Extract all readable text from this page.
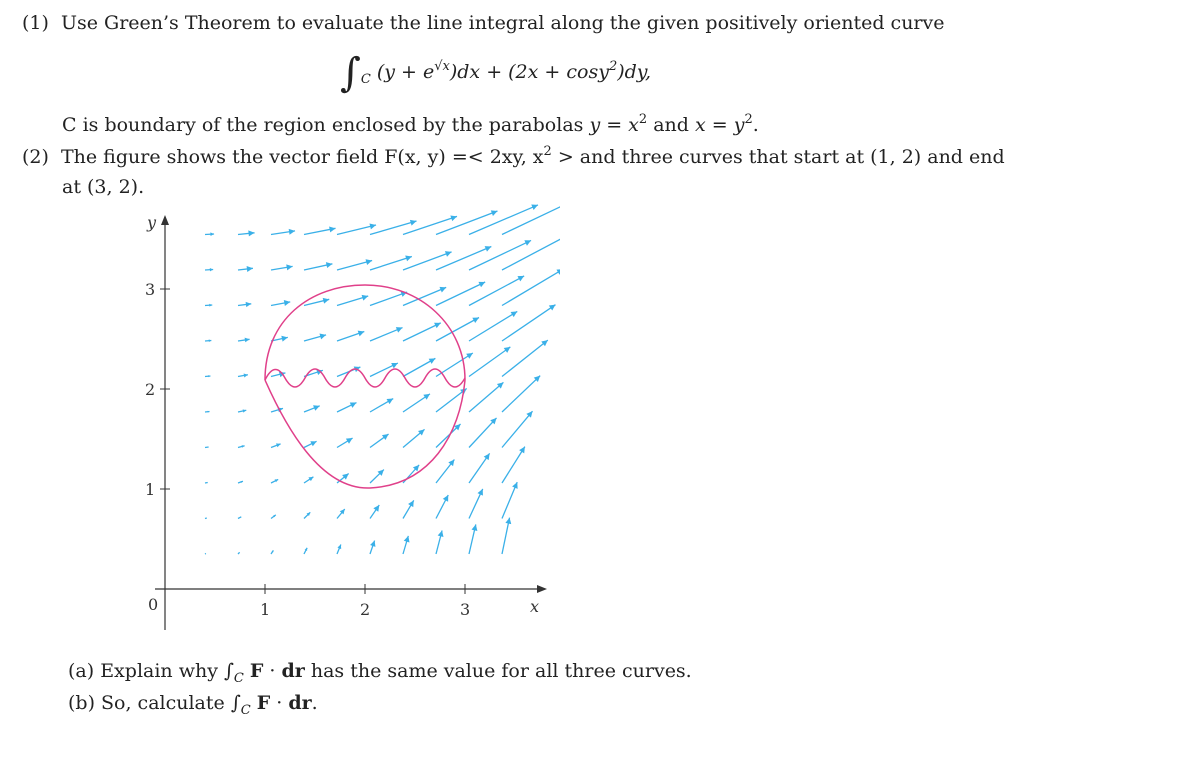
(1) Use Green’s Theorem to evaluate the line integral along the given positively oriented curve
$\int_C$ $(y + e^{√x})dx + (2x + \cos y^2)dy$,
C is boundary of the region enclosed by the parabolas $y = x^2$ and $x = y^2$.
(2) The figure shows the vector field F(x, y) =< 2xy, $x^2$ > and three curves that start at (1, 2) and end
at (3, 2).
x
y
0	1	2	3
1
2
3
(a) Explain why $\int_C$ F · dr has the same value for all three curves.
(b) So, calculate $\int_C$ F · dr.
